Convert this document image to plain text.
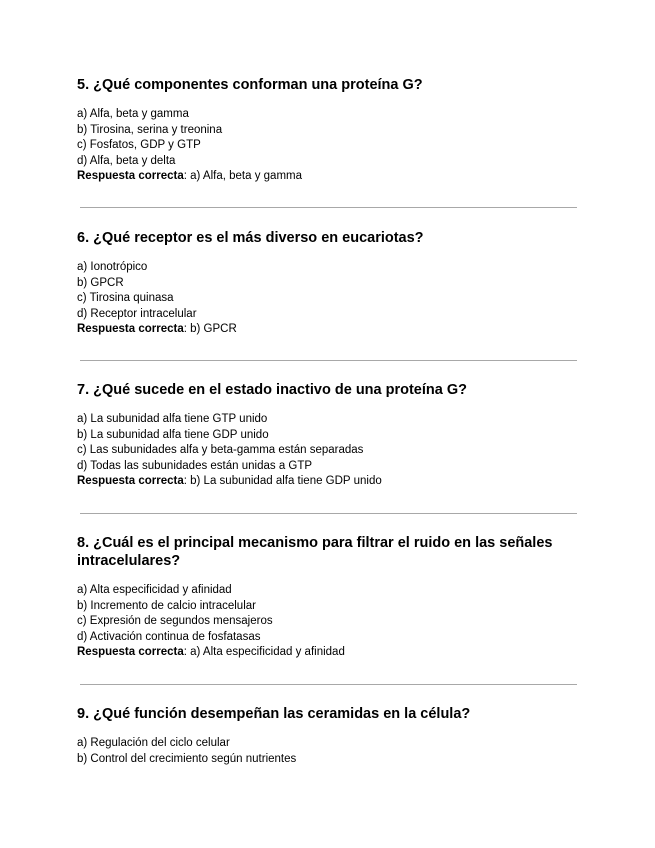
5. ¿Qué componentes conforman una proteína G?
a) Alfa, beta y gamma
b) Tirosina, serina y treonina
c) Fosfatos, GDP y GTP
d) Alfa, beta y delta

Respuesta correcta: a) Alfa, beta y gamma

6. ¿Qué receptor es el más diverso en eucariotas?
a) Ionotrópico
b) GPCR
c) Tirosina quinasa
d) Receptor intracelular

Respuesta correcta: b) GPCR

7. ¿Qué sucede en el estado inactivo de una proteína G?
a) La subunidad alfa tiene GTP unido
b) La subunidad alfa tiene GDP unido
c) Las subunidades alfa y beta-gamma están separadas
d) Todas las subunidades están unidas a GTP

Respuesta correcta: b) La subunidad alfa tiene GDP unido

8. ¿Cuál es el principal mecanismo para filtrar el ruido en las señales intracelulares?
a) Alta especificidad y afinidad
b) Incremento de calcio intracelular
c) Expresión de segundos mensajeros
d) Activación continua de fosfatasas

Respuesta correcta: a) Alta especificidad y afinidad

9. ¿Qué función desempeñan las ceramidas en la célula?
a) Regulación del ciclo celular
b) Control del crecimiento según nutrientes
